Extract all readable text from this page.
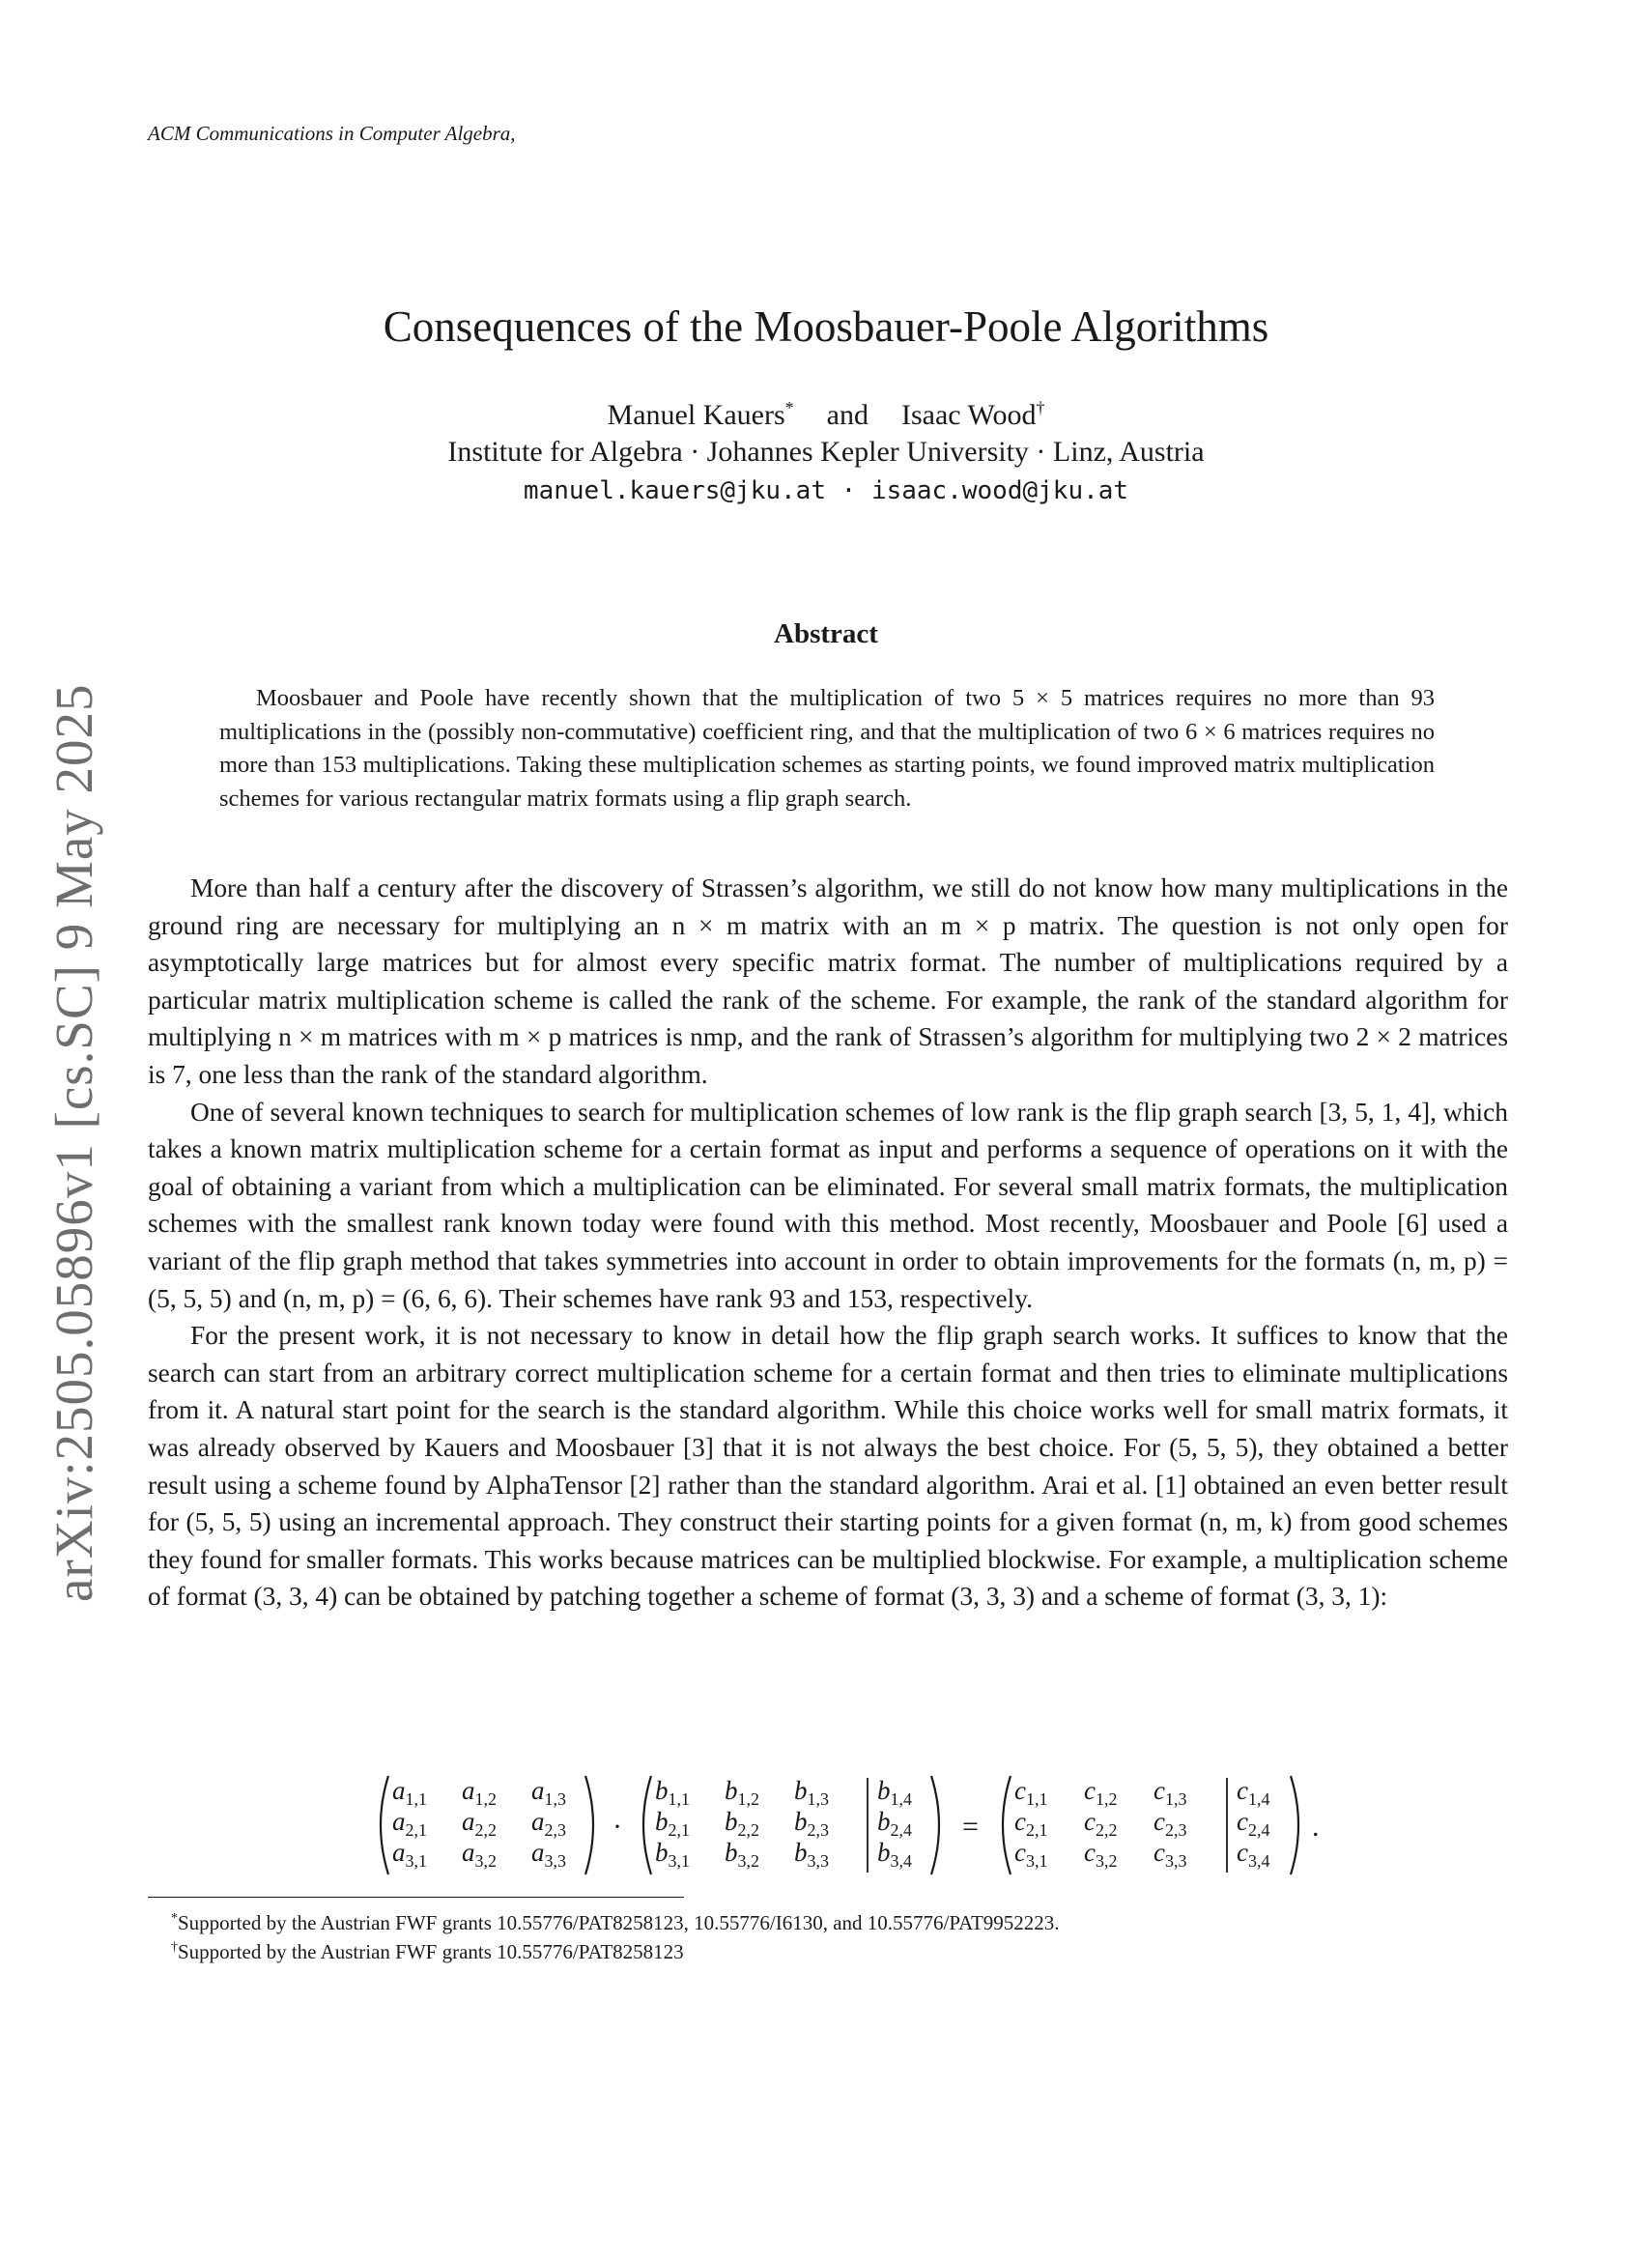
ACM Communications in Computer Algebra,
arXiv:2505.05896v1 [cs.SC] 9 May 2025
Consequences of the Moosbauer-Poole Algorithms
Manuel Kauers* and Isaac Wood†
Institute for Algebra · Johannes Kepler University · Linz, Austria
manuel.kauers@jku.at · isaac.wood@jku.at
Abstract
Moosbauer and Poole have recently shown that the multiplication of two 5 × 5 matrices requires no more than 93 multiplications in the (possibly non-commutative) coefficient ring, and that the multiplication of two 6 × 6 matrices requires no more than 153 multiplications. Taking these multiplication schemes as starting points, we found improved matrix multiplication schemes for various rectangular matrix formats using a flip graph search.

More than half a century after the discovery of Strassen’s algorithm, we still do not know how many multiplications in the ground ring are necessary for multiplying an n × m matrix with an m × p matrix. The question is not only open for asymptotically large matrices but for almost every specific matrix format. The number of multiplications required by a particular matrix multiplication scheme is called the rank of the scheme. For example, the rank of the standard algorithm for multiplying n × m matrices with m × p matrices is nmp, and the rank of Strassen’s algorithm for multiplying two 2 × 2 matrices is 7, one less than the rank of the standard algorithm.

One of several known techniques to search for multiplication schemes of low rank is the flip graph search [3, 5, 1, 4], which takes a known matrix multiplication scheme for a certain format as input and performs a sequence of operations on it with the goal of obtaining a variant from which a multiplication can be eliminated. For several small matrix formats, the multiplication schemes with the smallest rank known today were found with this method. Most recently, Moosbauer and Poole [6] used a variant of the flip graph method that takes symmetries into account in order to obtain improvements for the formats (n, m, p) = (5, 5, 5) and (n, m, p) = (6, 6, 6). Their schemes have rank 93 and 153, respectively.

For the present work, it is not necessary to know in detail how the flip graph search works. It suffices to know that the search can start from an arbitrary correct multiplication scheme for a certain format and then tries to eliminate multiplications from it. A natural start point for the search is the standard algorithm. While this choice works well for small matrix formats, it was already observed by Kauers and Moosbauer [3] that it is not always the best choice. For (5, 5, 5), they obtained a better result using a scheme found by AlphaTensor [2] rather than the standard algorithm. Arai et al. [1] obtained an even better result for (5, 5, 5) using an incremental approach. They construct their starting points for a given format (n, m, k) from good schemes they found for smaller formats. This works because matrices can be multiplied blockwise. For example, a multiplication scheme of format (3, 3, 4) can be obtained by patching together a scheme of format (3, 3, 3) and a scheme of format (3, 3, 1):

$a_{1,1}$ $a_{1,2}$ $a_{1,3}$
$a_{2,1}$ $a_{2,2}$ $a_{2,3}$
$a_{3,1}$ $a_{3,2}$ $a_{3,3}$
·
$b_{1,1}$ $b_{1,2}$ $b_{1,3}$ $b_{1,4}$
$b_{2,1}$ $b_{2,2}$ $b_{2,3}$ $b_{2,4}$
$b_{3,1}$ $b_{3,2}$ $b_{3,3}$ $b_{3,4}$
=
$c_{1,1}$ $c_{1,2}$ $c_{1,3}$ $c_{1,4}$
$c_{2,1}$ $c_{2,2}$ $c_{2,3}$ $c_{2,4}$
$c_{3,1}$ $c_{3,2}$ $c_{3,3}$ $c_{3,4}$
.
*Supported by the Austrian FWF grants 10.55776/PAT8258123, 10.55776/I6130, and 10.55776/PAT9952223.
†Supported by the Austrian FWF grants 10.55776/PAT8258123
